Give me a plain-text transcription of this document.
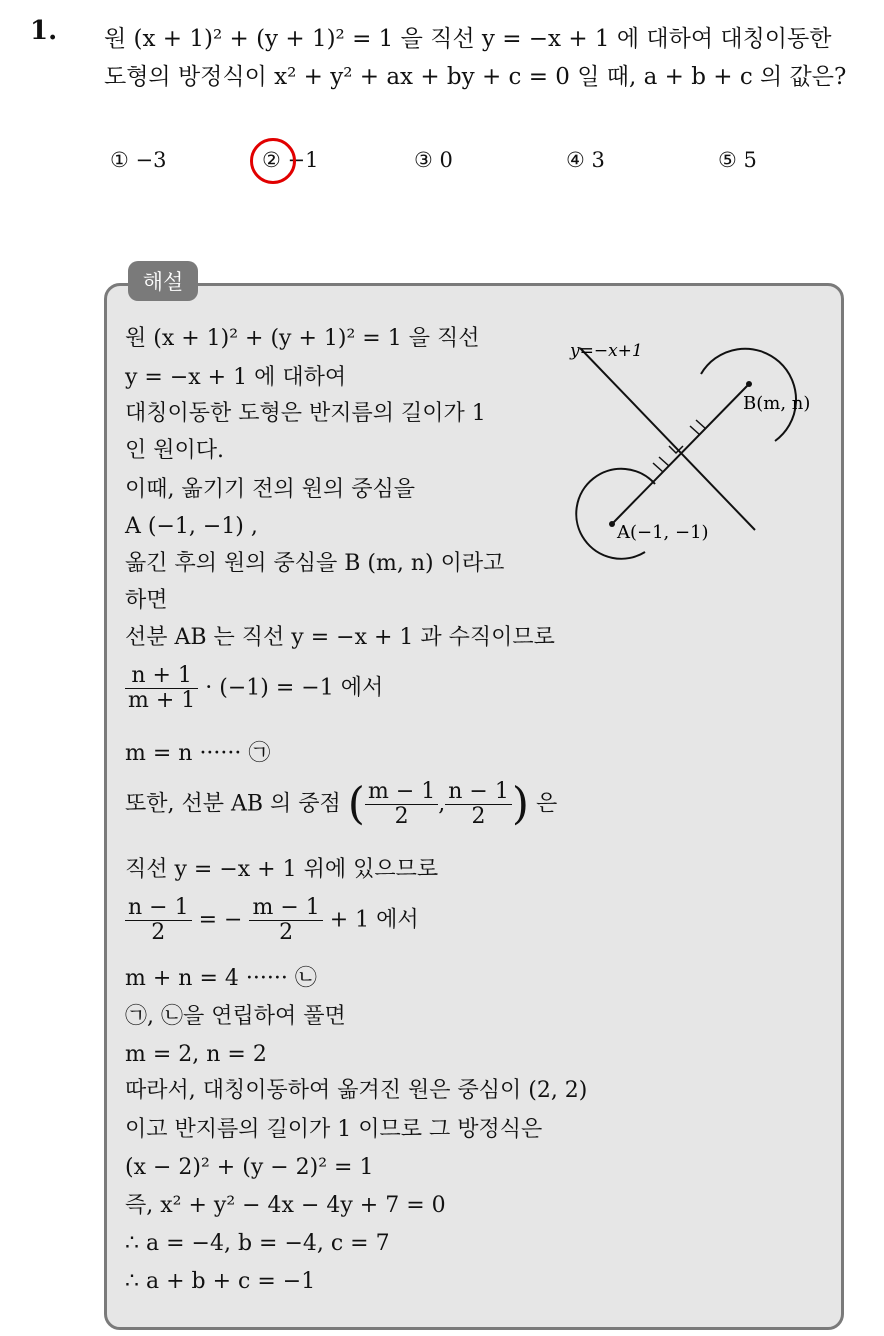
1. 원 (x + 1)² + (y + 1)² = 1 을 직선 y = −x + 1 에 대하여 대칭이동한
도형의 방정식이 x² + y² + ax + by + c = 0 일 때, a + b + c 의 값은?
① −3	② −1	③ 0	④ 3	⑤ 5
해설
원 (x + 1)² + (y + 1)² = 1 을 직선
y = −x + 1 에 대하여
대칭이동한 도형은 반지름의 길이가 1
인 원이다.
이때, 옮기기 전의 원의 중심을
A (−1, −1) ,
옮긴 후의 원의 중심을 B (m, n) 이라고
하면
선분 AB 는 직선 y = −x + 1 과 수직이므로
$\frac{n + 1}{m + 1} \cdot (-1) = -1$ 에서
m = n ······ ㉠
또한, 선분 AB 의 중점 ( $\frac{m - 1}{2}$ , $\frac{n - 1}{2}$ ) 은
직선 y = −x + 1 위에 있으므로
$\frac{n - 1}{2}$ = − $\frac{m - 1}{2} + 1$ 에서
m + n = 4 ······ ㉡
㉠, ㉡을 연립하여 풀면
m = 2, n = 2
따라서, 대칭이동하여 옮겨진 원은 중심이 (2, 2)
이고 반지름의 길이가 1 이므로 그 방정식은
(x − 2)² + (y − 2)² = 1
즉, x² + y² − 4x − 4y + 7 = 0
∴ a = −4, b = −4, c = 7
∴ a + b + c = −1
y=−x+1
A(−1, −1)
B(m, n)
